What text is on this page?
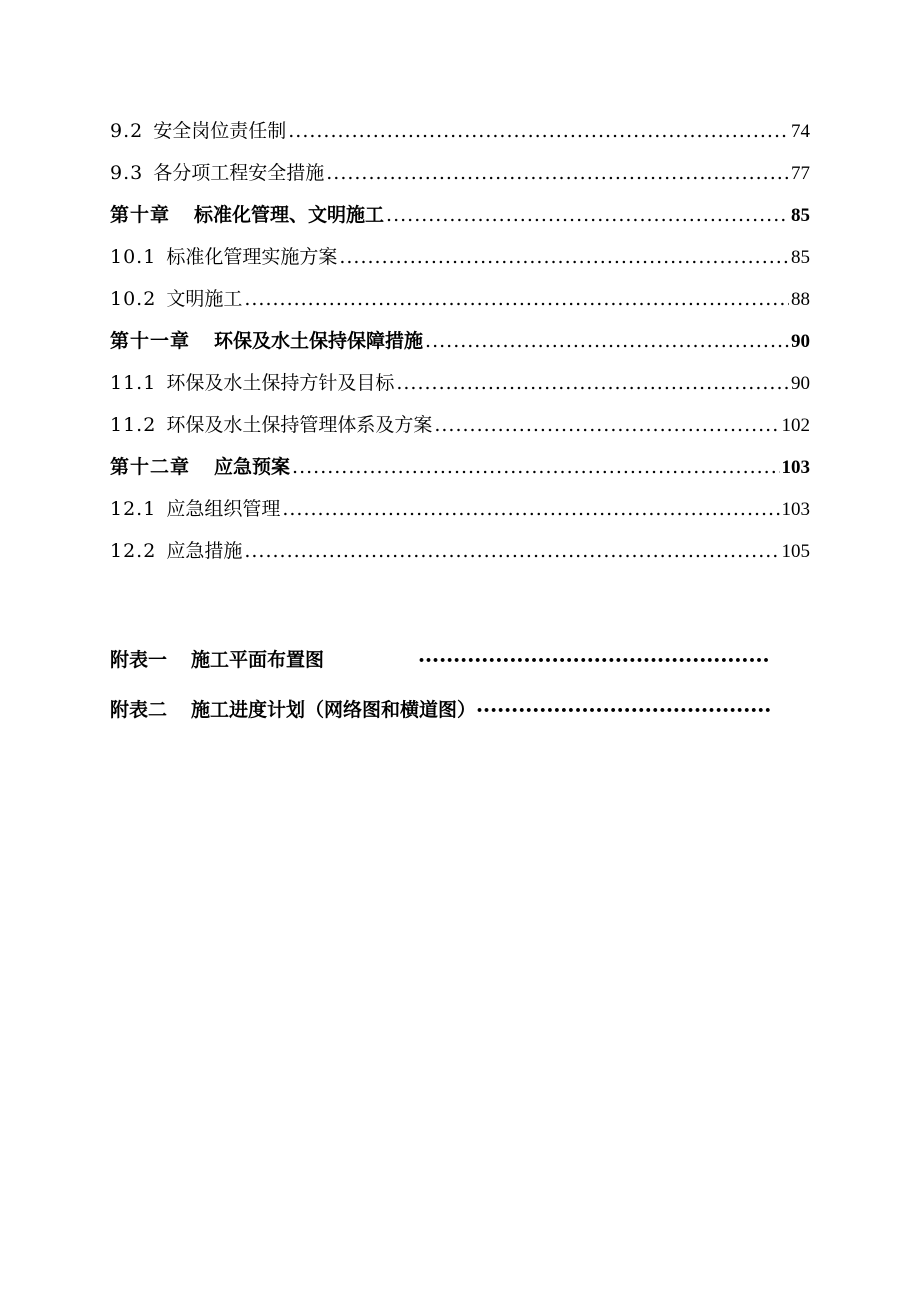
9.2 安全岗位责任制 .....	74
9.3 各分项工程安全措施 .....	77
第十章 标准化管理、文明施工 .....	85
10.1 标准化管理实施方案 .....	85
10.2 文明施工 .....	88
第十一章 环保及水土保持保障措施 .....	90
11.1 环保及水土保持方针及目标 .....	90
11.2 环保及水土保持管理体系及方案 .....	102
第十二章 应急预案 .....	103
12.1 应急组织管理 .....	103
12.2 应急措施 .....	105
附表一 施工平面布置图
•••••
附表二 施工进度计划（网络图和横道图）
•••••
